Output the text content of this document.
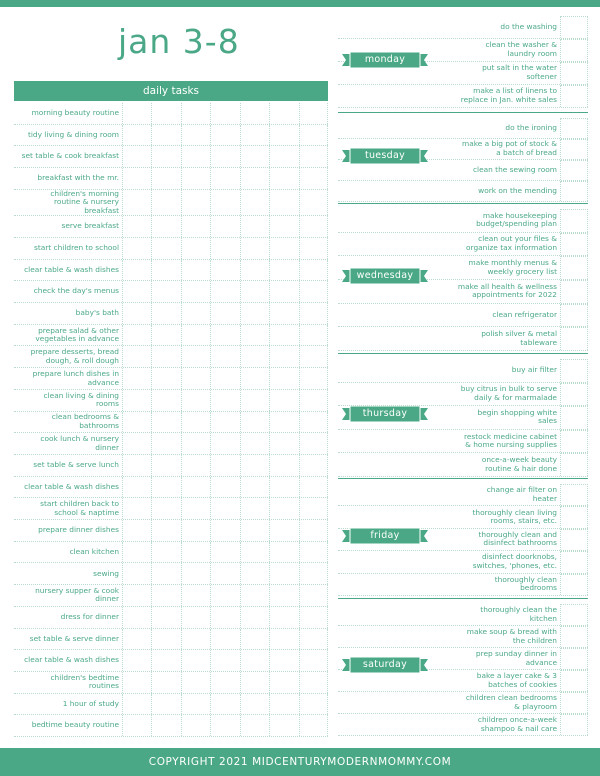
jan 3-8
daily tasks
morning beauty routine
tidy living & dining room
set table & cook breakfast
breakfast with the mr.
children's morning
routine & nursery
breakfast
serve breakfast
start children to school
clear table & wash dishes
check the day's menus
baby's bath
prepare salad & other
vegetables in advance
prepare desserts, bread
dough, & roll dough
prepare lunch dishes in
advance
clean living & dining
rooms
clean bedrooms &
bathrooms
cook lunch & nursery
dinner
set table & serve lunch
clear table & wash dishes
start children back to
school & naptime
prepare dinner dishes
clean kitchen
sewing
nursery supper & cook
dinner
dress for dinner
set table & serve dinner
clear table & wash dishes
children's bedtime
routines
1 hour of study
bedtime beauty routine
do the washing
clean the washer &
laundry room
put salt in the water
softener
make a list of linens to
replace in Jan. white sales
monday
do the ironing
make a big pot of stock &
a batch of bread
clean the sewing room
work on the mending
tuesday
make housekeeping
budget/spending plan
clean out your files &
organize tax information
make monthly menus &
weekly grocery list
make all health & wellness
appointments for 2022
clean refrigerator
polish silver & metal
tableware
wednesday
buy air filter
buy citrus in bulk to serve
daily & for marmalade
begin shopping white
sales
restock medicine cabinet
& home nursing supplies
once-a-week beauty
routine & hair done
thursday
change air filter on
heater
thoroughly clean living
rooms, stairs, etc.
thoroughly clean and
disinfect bathrooms
disinfect doorknobs,
switches, 'phones, etc.
thoroughly clean
bedrooms
friday
thoroughly clean the
kitchen
make soup & bread with
the children
prep sunday dinner in
advance
bake a layer cake & 3
batches of cookies
children clean bedrooms
& playroom
children once-a-week
shampoo & nail care
saturday
COPYRIGHT 2021 MIDCENTURYMODERNMOMMY.COM
